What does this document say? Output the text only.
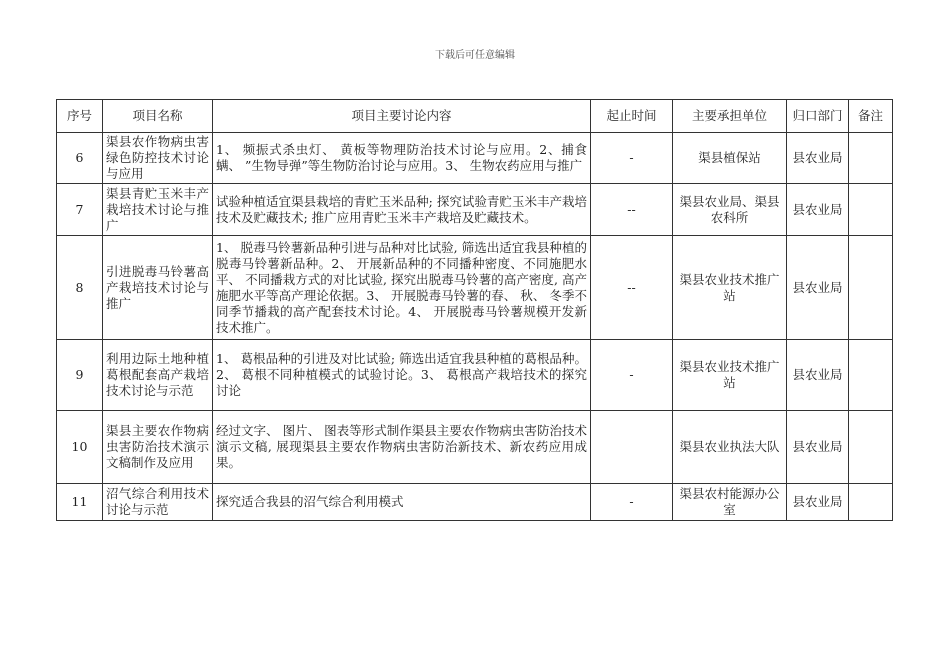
下载后可任意编辑
序号	项目名称	项目主要讨论内容	起止时间	主要承担单位	归口部门	备注
6	渠县农作物病虫害绿色防控技术讨论与应用	1、 频振式杀虫灯、 黄板等物理防治技术讨论与应用。2、捕食螨、 ”生物导弹”等生物防治讨论与应用。3、 生物农药应用与推广	-	渠县植保站	县农业局	
7	渠县青贮玉米丰产栽培技术讨论与推广	试验种植适宜渠县栽培的青贮玉米品种; 探究试验青贮玉米丰产栽培技术及贮藏技术; 推广应用青贮玉米丰产栽培及贮藏技术。	--	渠县农业局、渠县农科所	县农业局	
8	引进脱毒马铃薯高产栽培技术讨论与推广	1、 脱毒马铃薯新品种引进与品种对比试验, 筛选出适宜我县种植的脱毒马铃薯新品种。2、 开展新品种的不同播种密度、不同施肥水平、 不同播栽方式的对比试验, 探究出脱毒马铃薯的高产密度, 高产施肥水平等高产理论依据。3、 开展脱毒马铃薯的春、 秋、 冬季不同季节播栽的高产配套技术讨论。4、 开展脱毒马铃薯规模开发新技术推广。	--	渠县农业技术推广站	县农业局	
9	利用边际土地种植葛根配套高产栽培技术讨论与示范	1、 葛根品种的引进及对比试验; 筛选出适宜我县种植的葛根品种。2、 葛根不同种植模式的试验讨论。3、 葛根高产栽培技术的探究讨论	-	渠县农业技术推广站	县农业局	
10	渠县主要农作物病虫害防治技术演示文稿制作及应用	经过文字、 图片、 图表等形式制作渠县主要农作物病虫害防治技术演示文稿, 展现渠县主要农作物病虫害防治新技术、新农药应用成果。		渠县农业执法大队	县农业局	
11	沼气综合利用技术讨论与示范	探究适合我县的沼气综合利用模式	-	渠县农村能源办公室	县农业局	
